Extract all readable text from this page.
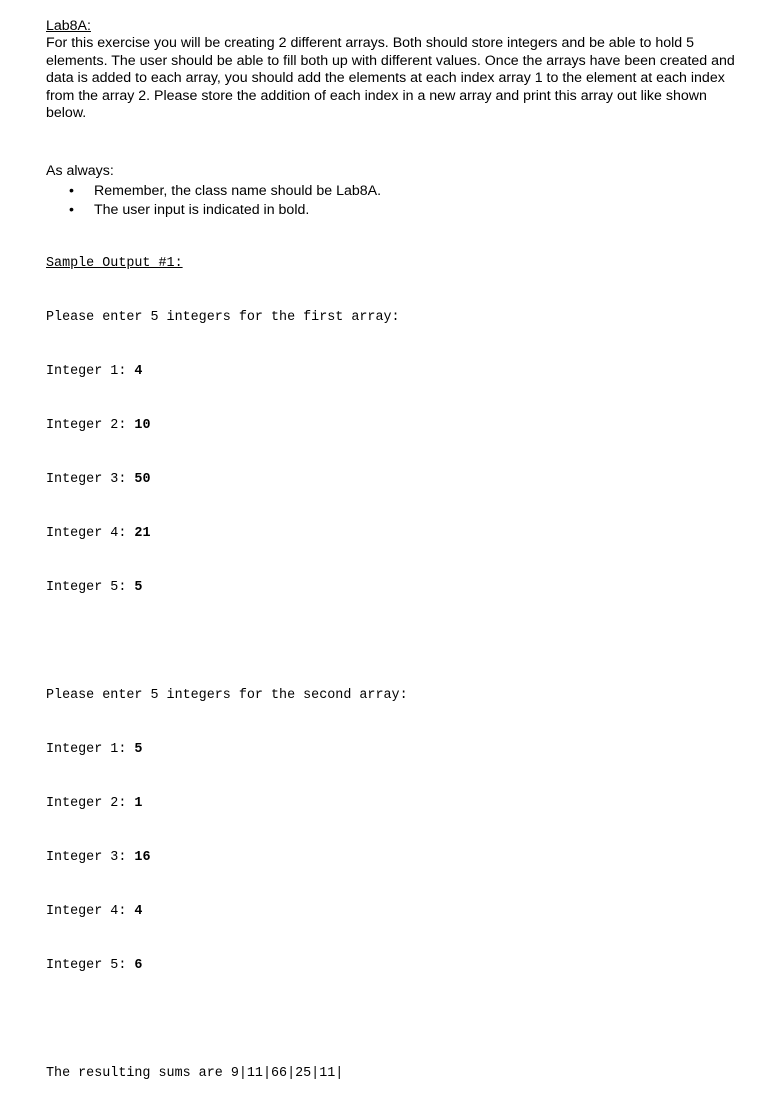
Lab8A:

For this exercise you will be creating 2 different arrays. Both should store integers and be able to hold 5 elements. The user should be able to fill both up with different values. Once the arrays have been created and data is added to each array, you should add the elements at each index array 1 to the element at each index from the array 2. Please store the addition of each index in a new array and print this array out like shown below.

As always:

• Remember, the class name should be Lab8A.
• The user input is indicated in bold.
Sample Output #1:

Please enter 5 integers for the first array:

Integer 1: 4

Integer 2: 10

Integer 3: 50

Integer 4: 21

Integer 5: 5

Please enter 5 integers for the second array:

Integer 1: 5

Integer 2: 1

Integer 3: 16

Integer 4: 4

Integer 5: 6

The resulting sums are 9|11|66|25|11|
